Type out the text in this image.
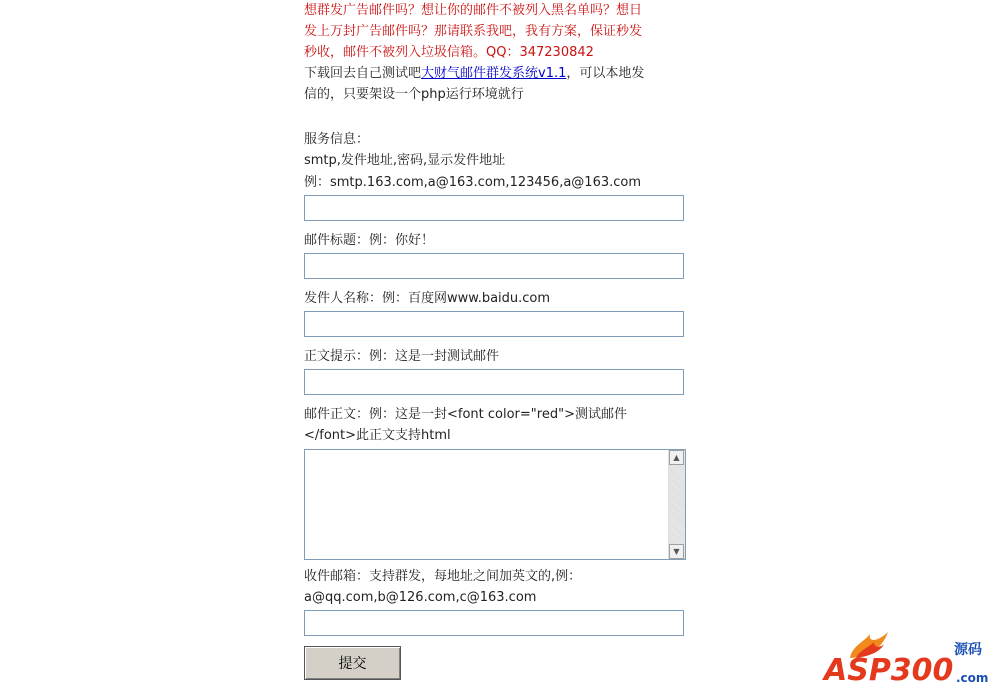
想群发广告邮件吗？想让你的邮件不被列入黑名单吗？想日
发上万封广告邮件吗？那请联系我吧，我有方案，保证秒发
秒收，邮件不被列入垃圾信箱。QQ：347230842
下载回去自己测试吧大财气邮件群发系统v1.1，可以本地发
信的，只要架设一个php运行环境就行
服务信息：
smtp,发件地址,密码,显示发件地址
例：smtp.163.com,a@163.com,123456,a@163.com
邮件标题：例：你好！
发件人名称：例：百度网www.baidu.com
正文提示：例：这是一封测试邮件
邮件正文：例：这是一封<font color="red">测试邮件
</font>此正文支持html
▲
▼
收件邮箱：支持群发，每地址之间加英文的,例：
a@qq.com,b@126.com,c@163.com
提交	ASP300
源码
.com
